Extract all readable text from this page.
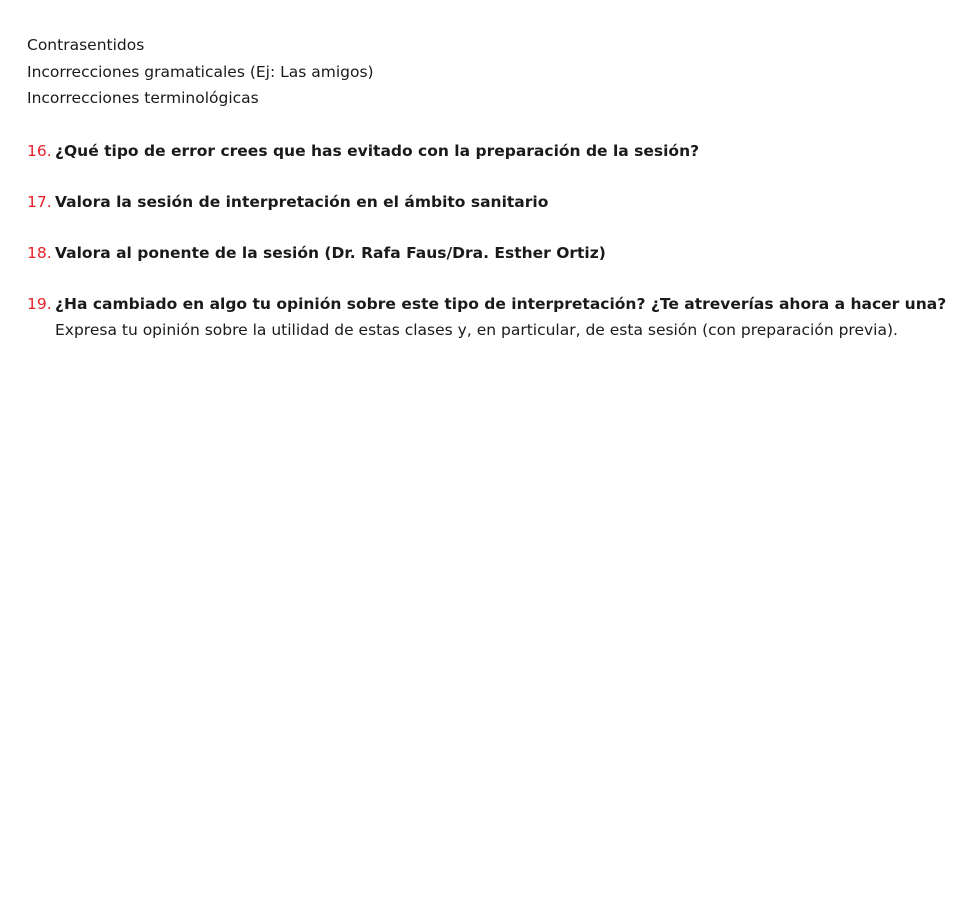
Contrasentidos

Incorrecciones gramaticales (Ej: Las amigos)

Incorrecciones terminológicas

16. ¿Qué tipo de error crees que has evitado con la preparación de la sesión?
17. Valora la sesión de interpretación en el ámbito sanitario
18. Valora al ponente de la sesión (Dr. Rafa Faus/Dra. Esther Ortiz)
19. ¿Ha cambiado en algo tu opinión sobre este tipo de interpretación? ¿Te atreverías ahora a hacer una?
Expresa tu opinión sobre la utilidad de estas clases y, en particular, de esta sesión (con preparación previa).
